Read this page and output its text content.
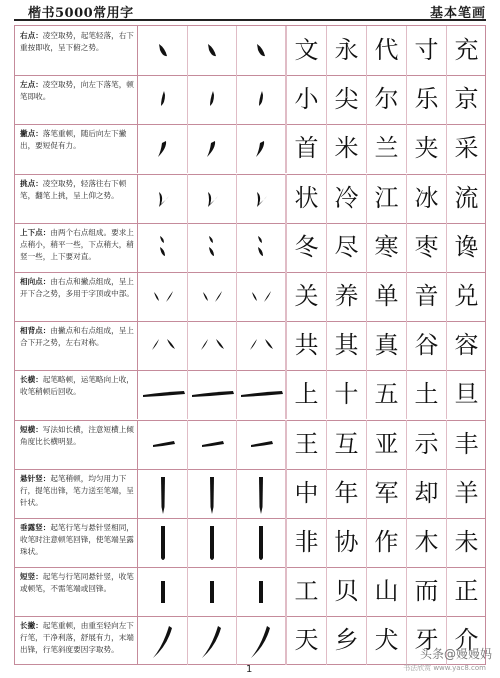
楷书5000常用字	基本笔画
右点：凌空取势，起笔轻落，右下重按即收，呈下俯之势。	文 永 代 寸 充
左点：凌空取势，向左下落笔，顿笔即收。	小 尖 尔 乐 京
撇点：落笔重顿，随后向左下撇出，要短促有力。	首 米 兰 夹 采
挑点：凌空取势，轻落往右下顿笔，翻笔上挑，呈上仰之势。	状 冷 江 冰 流
上下点：由两个右点组成。要求上点稍小，稍平一些，下点稍大，稍竖一些，上下要对直。	冬 尽 寒 枣 谗
相向点：由右点和撇点组成，呈上开下合之势，多用于字顶或中部。	关 养 单 音 兑
相背点：由撇点和右点组成，呈上合下开之势，左右对称。	共 其 真 谷 容
长横：起笔略顿，运笔略向上收，收笔稍顿后回收。	上 十 五 土 旦
短横：写法如长横，注意短横上倾角度比长横明显。	王 互 亚 示 丰
悬针竖：起笔稍顿，均匀用力下行，提笔出锋，笔力送至笔端，呈针状。	中 年 军 却 羊
垂露竖：起笔行笔与悬针竖相同，收笔时注意顿笔回锋，使笔端呈露珠状。	非 协 作 木 未
短竖：起笔与行笔同悬针竖，收笔或顿笔，不需笔端或回锋。	工 贝 山 而 正
长撇：起笔重顿，由重至轻向左下行笔，干净利落，舒展有力，末端出锋，行笔斜度要因字取势。	天 乡 犬 牙 介
1
头条@嫚嫚妈
书法欣赏 www.yac8.com
